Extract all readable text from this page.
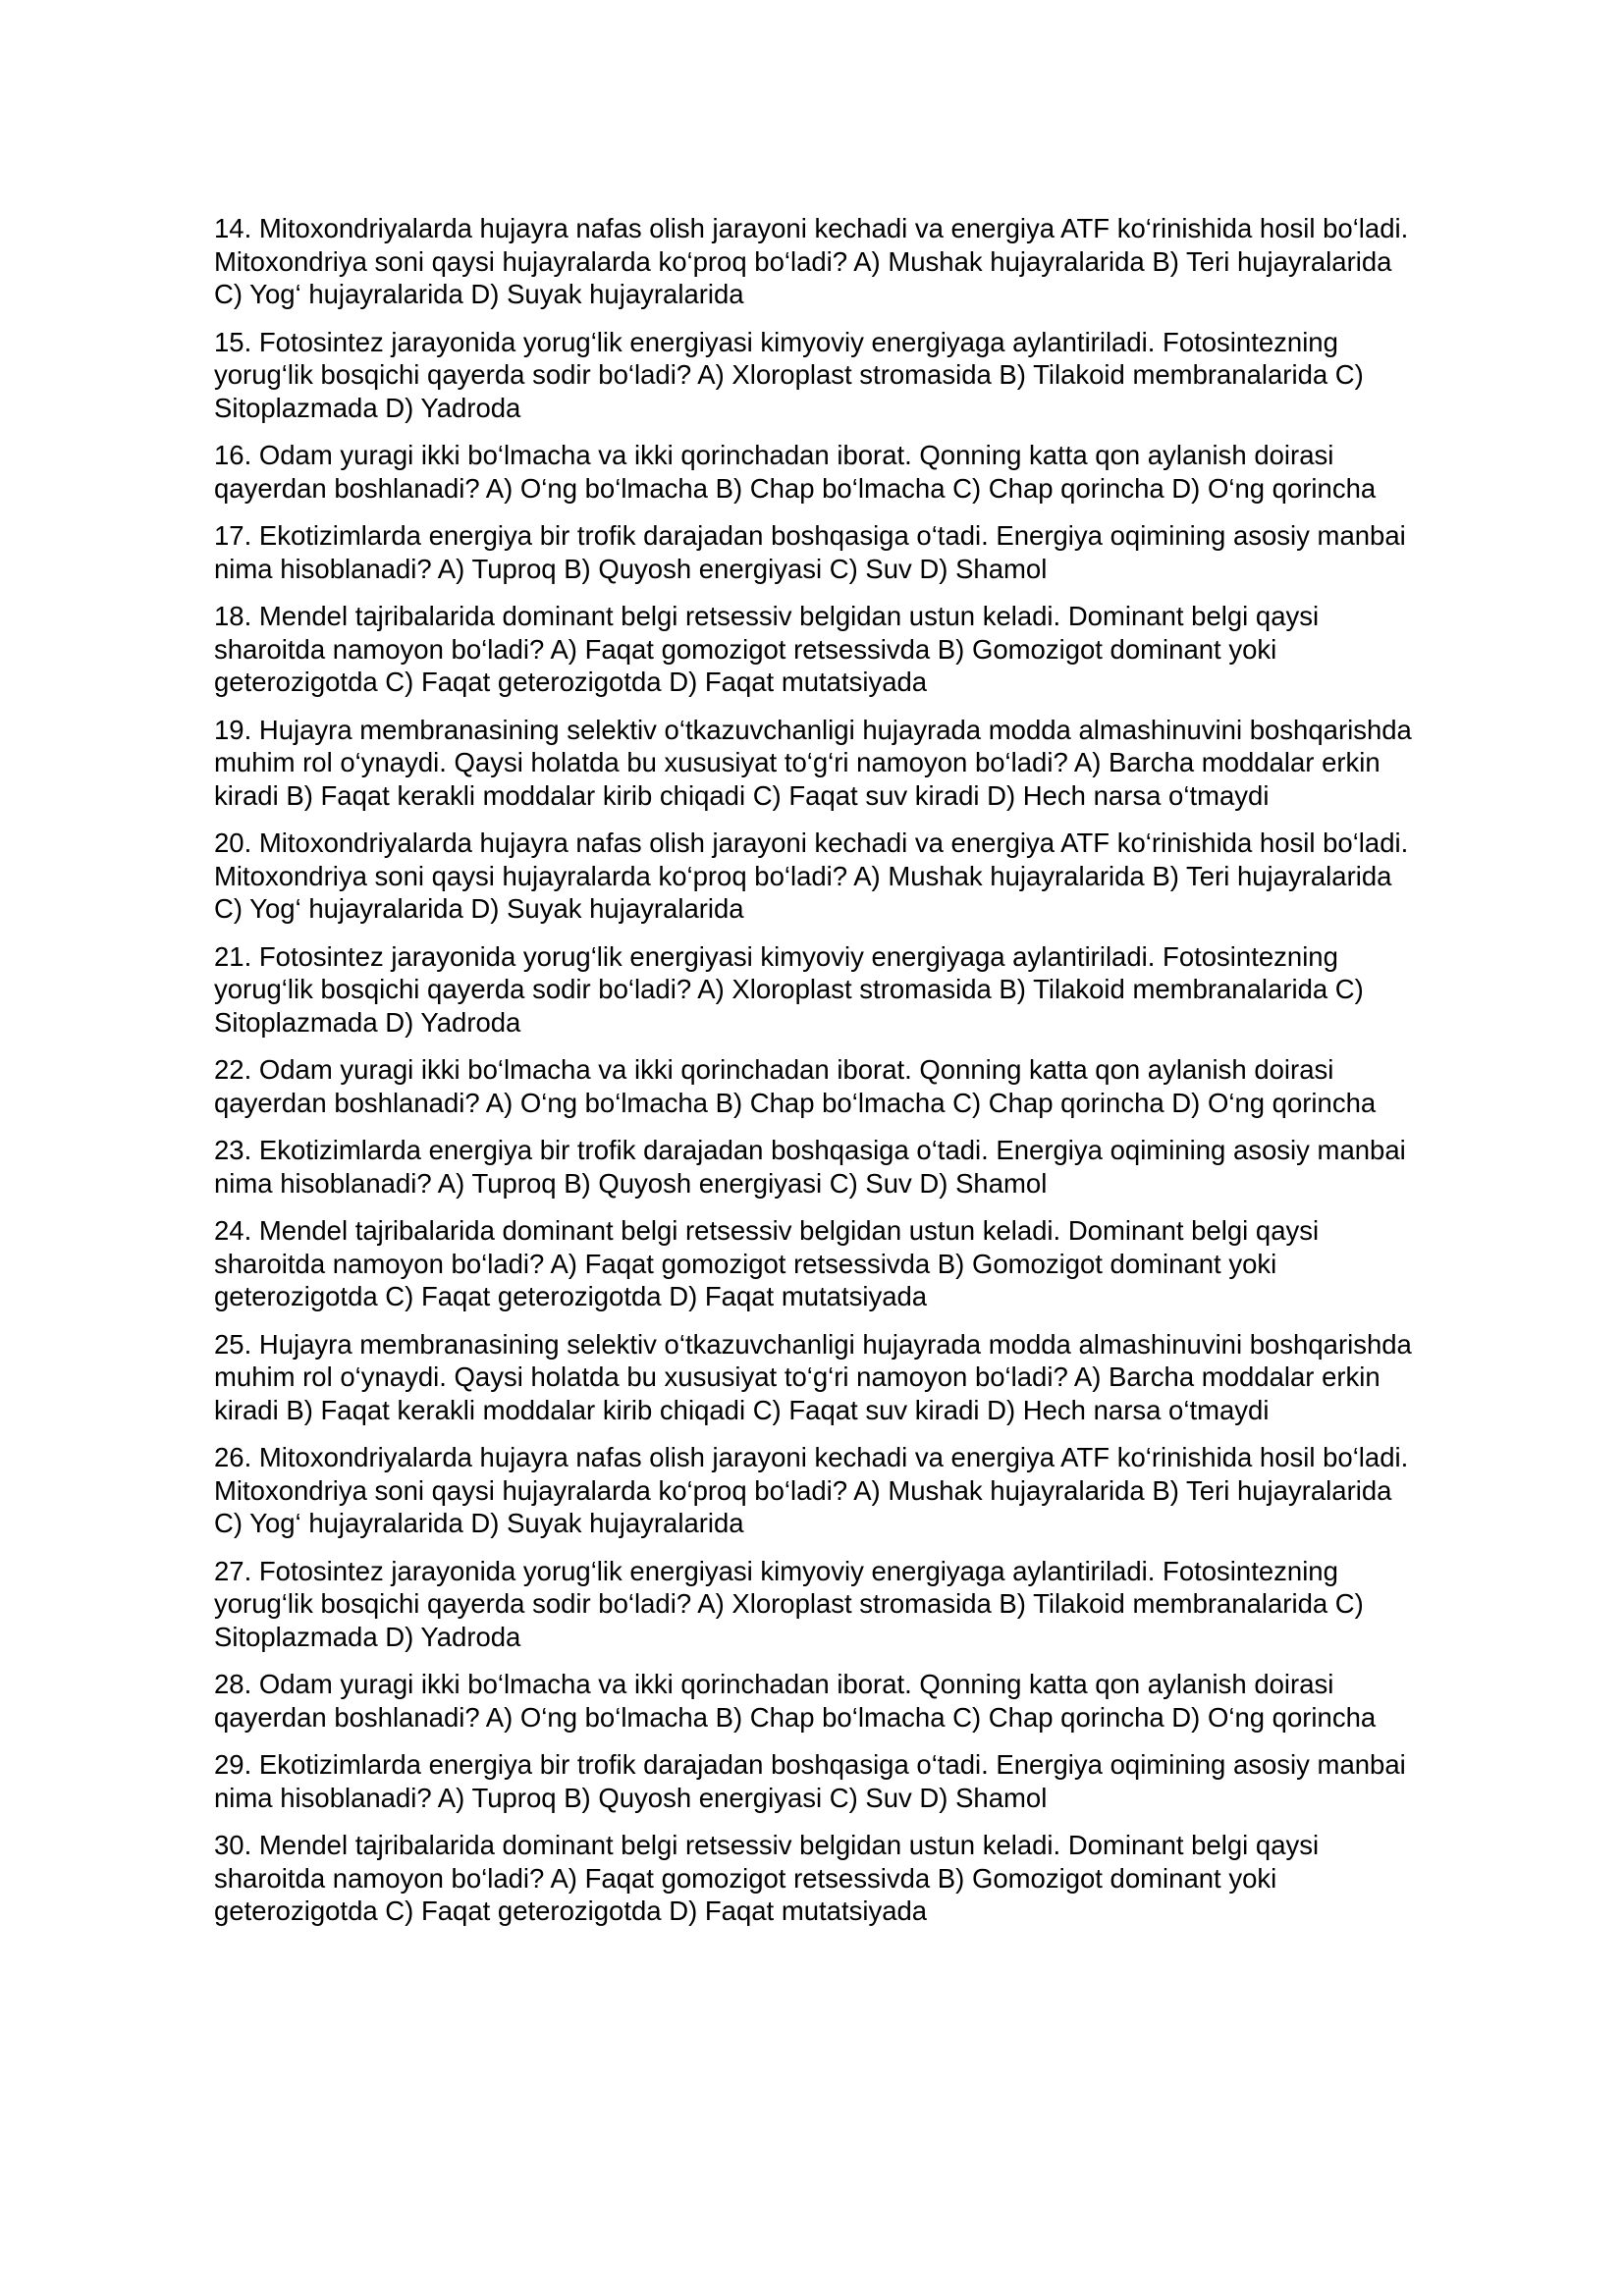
14. Mitoxondriyalarda hujayra nafas olish jarayoni kechadi va energiya ATF ko‘rinishida hosil bo‘ladi. Mitoxondriya soni qaysi hujayralarda ko‘proq bo‘ladi? A) Mushak hujayralarida B) Teri hujayralarida C) Yog‘ hujayralarida D) Suyak hujayralarida

15. Fotosintez jarayonida yorug‘lik energiyasi kimyoviy energiyaga aylantiriladi. Fotosintezning yorug‘lik bosqichi qayerda sodir bo‘ladi? A) Xloroplast stromasida B) Tilakoid membranalarida C) Sitoplazmada D) Yadroda

16. Odam yuragi ikki bo‘lmacha va ikki qorinchadan iborat. Qonning katta qon aylanish doirasi qayerdan boshlanadi? A) O‘ng bo‘lmacha B) Chap bo‘lmacha C) Chap qorincha D) O‘ng qorincha

17. Ekotizimlarda energiya bir trofik darajadan boshqasiga o‘tadi. Energiya oqimining asosiy manbai nima hisoblanadi? A) Tuproq B) Quyosh energiyasi C) Suv D) Shamol

18. Mendel tajribalarida dominant belgi retsessiv belgidan ustun keladi. Dominant belgi qaysi sharoitda namoyon bo‘ladi? A) Faqat gomozigot retsessivda B) Gomozigot dominant yoki geterozigotda C) Faqat geterozigotda D) Faqat mutatsiyada

19. Hujayra membranasining selektiv o‘tkazuvchanligi hujayrada modda almashinuvini boshqarishda muhim rol o‘ynaydi. Qaysi holatda bu xususiyat to‘g‘ri namoyon bo‘ladi? A) Barcha moddalar erkin kiradi B) Faqat kerakli moddalar kirib chiqadi C) Faqat suv kiradi D) Hech narsa o‘tmaydi

20. Mitoxondriyalarda hujayra nafas olish jarayoni kechadi va energiya ATF ko‘rinishida hosil bo‘ladi. Mitoxondriya soni qaysi hujayralarda ko‘proq bo‘ladi? A) Mushak hujayralarida B) Teri hujayralarida C) Yog‘ hujayralarida D) Suyak hujayralarida

21. Fotosintez jarayonida yorug‘lik energiyasi kimyoviy energiyaga aylantiriladi. Fotosintezning yorug‘lik bosqichi qayerda sodir bo‘ladi? A) Xloroplast stromasida B) Tilakoid membranalarida C) Sitoplazmada D) Yadroda

22. Odam yuragi ikki bo‘lmacha va ikki qorinchadan iborat. Qonning katta qon aylanish doirasi qayerdan boshlanadi? A) O‘ng bo‘lmacha B) Chap bo‘lmacha C) Chap qorincha D) O‘ng qorincha

23. Ekotizimlarda energiya bir trofik darajadan boshqasiga o‘tadi. Energiya oqimining asosiy manbai nima hisoblanadi? A) Tuproq B) Quyosh energiyasi C) Suv D) Shamol

24. Mendel tajribalarida dominant belgi retsessiv belgidan ustun keladi. Dominant belgi qaysi sharoitda namoyon bo‘ladi? A) Faqat gomozigot retsessivda B) Gomozigot dominant yoki geterozigotda C) Faqat geterozigotda D) Faqat mutatsiyada

25. Hujayra membranasining selektiv o‘tkazuvchanligi hujayrada modda almashinuvini boshqarishda muhim rol o‘ynaydi. Qaysi holatda bu xususiyat to‘g‘ri namoyon bo‘ladi? A) Barcha moddalar erkin kiradi B) Faqat kerakli moddalar kirib chiqadi C) Faqat suv kiradi D) Hech narsa o‘tmaydi

26. Mitoxondriyalarda hujayra nafas olish jarayoni kechadi va energiya ATF ko‘rinishida hosil bo‘ladi. Mitoxondriya soni qaysi hujayralarda ko‘proq bo‘ladi? A) Mushak hujayralarida B) Teri hujayralarida C) Yog‘ hujayralarida D) Suyak hujayralarida

27. Fotosintez jarayonida yorug‘lik energiyasi kimyoviy energiyaga aylantiriladi. Fotosintezning yorug‘lik bosqichi qayerda sodir bo‘ladi? A) Xloroplast stromasida B) Tilakoid membranalarida C) Sitoplazmada D) Yadroda

28. Odam yuragi ikki bo‘lmacha va ikki qorinchadan iborat. Qonning katta qon aylanish doirasi qayerdan boshlanadi? A) O‘ng bo‘lmacha B) Chap bo‘lmacha C) Chap qorincha D) O‘ng qorincha

29. Ekotizimlarda energiya bir trofik darajadan boshqasiga o‘tadi. Energiya oqimining asosiy manbai nima hisoblanadi? A) Tuproq B) Quyosh energiyasi C) Suv D) Shamol

30. Mendel tajribalarida dominant belgi retsessiv belgidan ustun keladi. Dominant belgi qaysi sharoitda namoyon bo‘ladi? A) Faqat gomozigot retsessivda B) Gomozigot dominant yoki geterozigotda C) Faqat geterozigotda D) Faqat mutatsiyada
